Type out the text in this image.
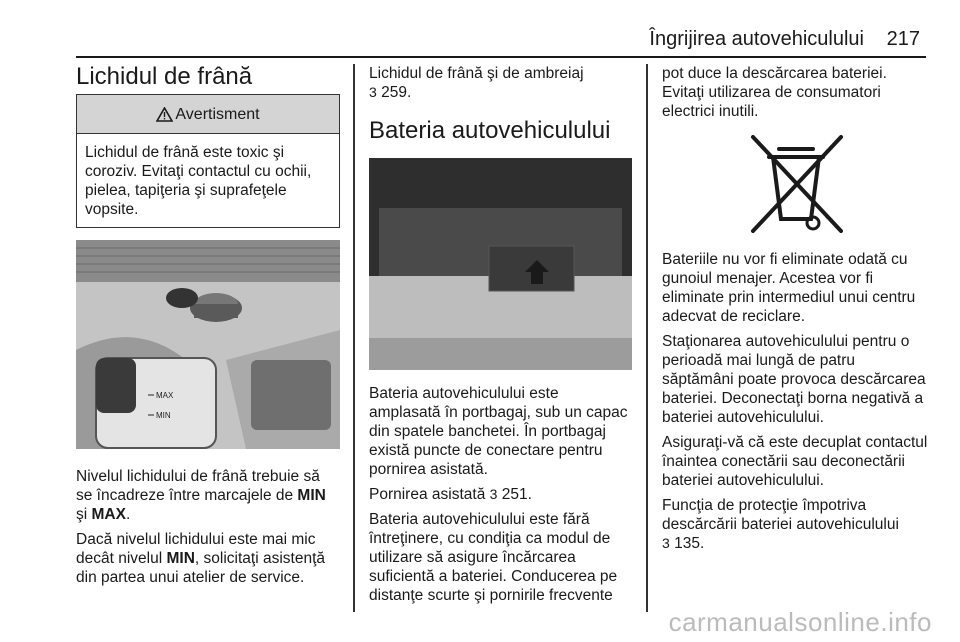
Îngrijirea autovehiculului 217
Lichidul de frână
Avertisment
Lichidul de frână este toxic şi coroziv. Evitaţi contactul cu ochii, pielea, tapiţeria şi suprafeţele vopsite.
MAX
MIN

Nivelul lichidului de frână trebuie să se încadreze între marcajele de MIN şi MAX.

Dacă nivelul lichidului este mai mic decât nivelul MIN, solicitaţi asistenţă din partea unui atelier de service.

Lichidul de frână şi de ambreiaj
3 259.

Bateria autovehiculului

Bateria autovehiculului este amplasată în portbagaj, sub un capac din spatele banchetei. În portbagaj există puncte de conectare pentru pornirea asistată.

Pornirea asistată 3 251.

Bateria autovehiculului este fără întreţinere, cu condiţia ca modul de utilizare să asigure încărcarea suficientă a bateriei. Conducerea pe distanţe scurte şi pornirile frecvente

pot duce la descărcarea bateriei. Evitaţi utilizarea de consumatori electrici inutili.

Bateriile nu vor fi eliminate odată cu gunoiul menajer. Acestea vor fi eliminate prin intermediul unui centru adecvat de reciclare.

Staţionarea autovehiculului pentru o perioadă mai lungă de patru săptămâni poate provoca descărcarea bateriei. Deconectaţi borna negativă a bateriei autovehiculului.

Asiguraţi-vă că este decuplat contactul înaintea conectării sau deconectării bateriei autovehiculului.

Funcţia de protecţie împotriva descărcării bateriei autovehiculului
3 135.

carmanualsonline.info
